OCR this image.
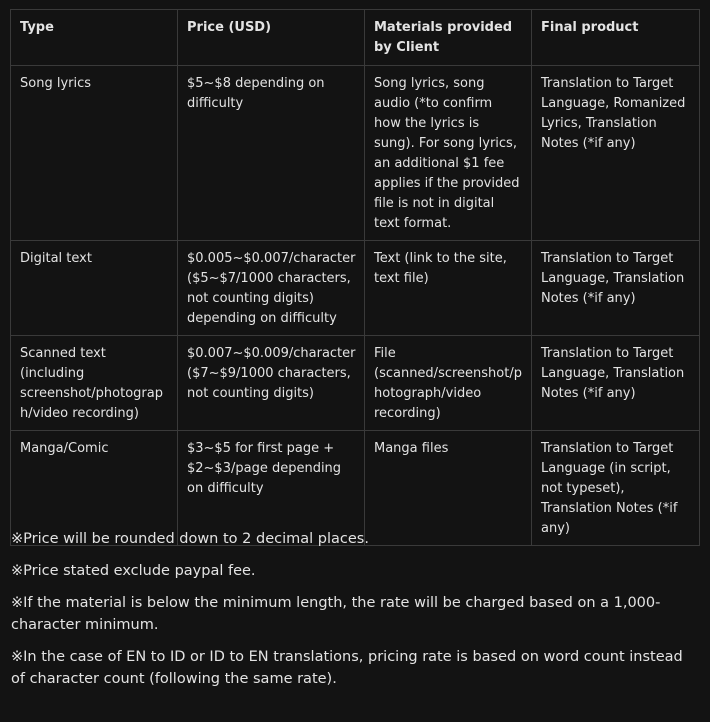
Type	Price (USD)	Materials provided by Client	Final product
Song lyrics	$5~$8 depending on difficulty	Song lyrics, song audio (*to confirm how the lyrics is sung). For song lyrics, an additional $1 fee applies if the provided file is not in digital text format.	Translation to Target Language, Romanized Lyrics, Translation Notes (*if any)
Digital text	$0.005~$0.007/character ($5~$7/1000 characters, not counting digits) depending on difficulty	Text (link to the site, text file)	Translation to Target Language, Translation Notes (*if any)
Scanned text (including screenshot/photograph/video recording)	$0.007~$0.009/character ($7~$9/1000 characters, not counting digits)	File (scanned/screenshot/photograph/video recording)	Translation to Target Language, Translation Notes (*if any)
Manga/Comic	$3~$5 for first page + $2~$3/page depending on difficulty	Manga files	Translation to Target Language (in script, not typeset), Translation Notes (*if any)

※Price will be rounded down to 2 decimal places.

※Price stated exclude paypal fee.

※If the material is below the minimum length, the rate will be charged based on a 1,000-character minimum.

※In the case of EN to ID or ID to EN translations, pricing rate is based on word count instead of character count (following the same rate).
